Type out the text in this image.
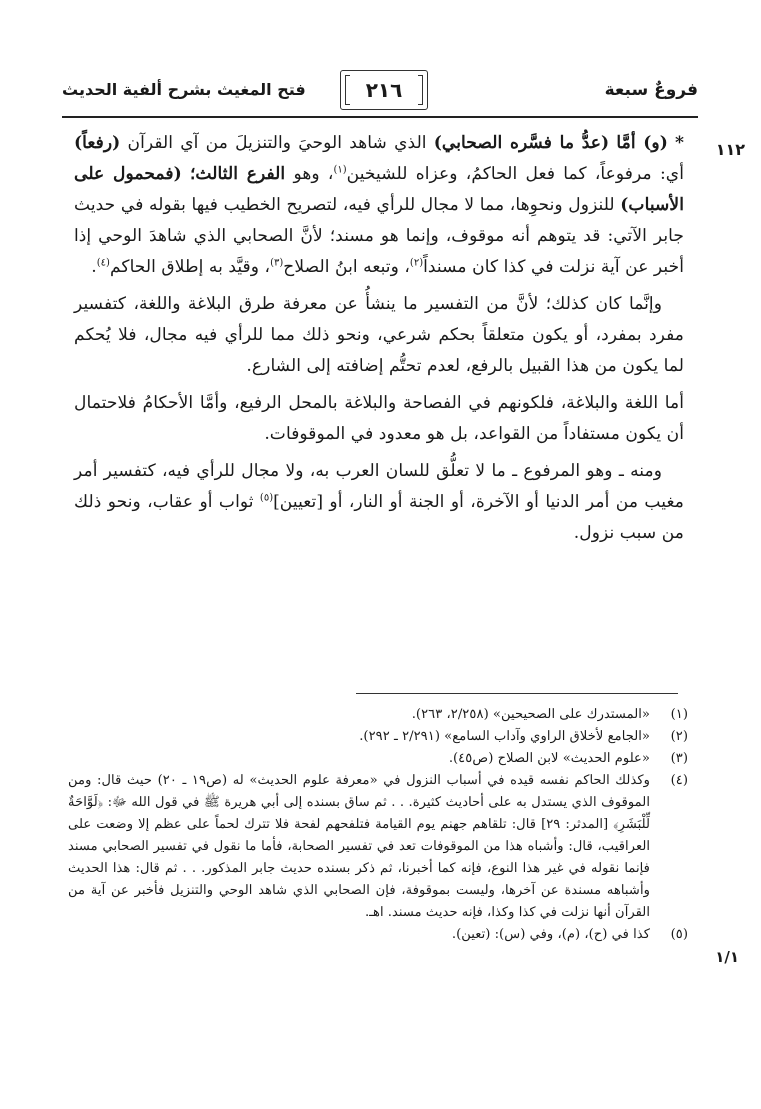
فروعٌ سبعة
٢١٦
فتح المغيث بشرح ألفية الحديث
١١٢
١/١

* (و) أمَّا (عدُّ ما فسَّره الصحابي) الذي شاهد الوحيَ والتنزيلَ من آي القرآن (رفعاً) أي: مرفوعاً، كما فعل الحاكمُ، وعزاه للشيخين$^{(١)}$، وهو الفرع الثالث؛ (فمحمول على الأسباب) للنزول ونحوِها، مما لا مجال للرأي فيه، لتصريح الخطيب فيها بقوله في حديث جابر الآتي: قد يتوهم أنه موقوف، وإنما هو مسند؛ لأنَّ الصحابي الذي شاهدَ الوحي إذا أخبر عن آية نزلت في كذا كان مسنداً$^{(٢)}$، وتبعه ابنُ الصلاح$^{(٣)}$، وقيَّد به إطلاق الحاكم$^{(٤)}$.

وإنَّما كان كذلك؛ لأنَّ من التفسير ما ينشأُ عن معرفة طرق البلاغة واللغة، كتفسير مفرد بمفرد، أو يكون متعلقاً بحكم شرعي، ونحو ذلك مما للرأي فيه مجال، فلا يُحكم لما يكون من هذا القبيل بالرفع، لعدم تحتُّم إضافته إلى الشارع.

أما اللغة والبلاغة، فلكونهم في الفصاحة والبلاغة بالمحل الرفيع، وأمَّا الأحكامُ فلاحتمال أن يكون مستفاداً من القواعد، بل هو معدود في الموقوفات.

ومنه ـ وهو المرفوع ـ ما لا تعلُّق للسان العرب به، ولا مجال للرأي فيه، كتفسير أمر مغيب من أمر الدنيا أو الآخرة، أو الجنة أو النار، أو [تعيين]$^{(٥)}$ ثواب أو عقاب، ونحو ذلك من سبب نزول.

(١)
«المستدرك على الصحيحين» (٢/٢٥٨، ٢٦٣).
(٢)
«الجامع لأخلاق الراوي وآداب السامع» (٢/٢٩١ ـ ٢٩٢).
(٣)
«علوم الحديث» لابن الصلاح (ص٤٥).
(٤)
وكذلك الحاكم نفسه قيده في أسباب النزول في «معرفة علوم الحديث» له (ص١٩ ـ ٢٠) حيث قال: ومن الموقوف الذي يستدل به على أحاديث كثيرة. . . ثم ساق بسنده إلى أبي هريرة ﷺ في قول الله ﷻ: ﴿لَوَّاحَةٌ لِّلْبَشَرِ﴾ [المدثر: ٢٩] قال: تلقاهم جهنم يوم القيامة فتلفحهم لفحة فلا تترك لحماً على عظم إلا وضعت على العراقيب، قال: وأشباه هذا من الموقوفات تعد في تفسير الصحابة، فأما ما نقول في تفسير الصحابي مسند فإنما نقوله في غير هذا النوع، فإنه كما أخبرنا، ثم ذكر بسنده حديث جابر المذكور. . . ثم قال: هذا الحديث وأشباهه مسندة عن آخرها، وليست بموقوفة، فإن الصحابي الذي شاهد الوحي والتنزيل فأخبر عن آية من القرآن أنها نزلت في كذا وكذا، فإنه حديث مسند. اهـ.
(٥)
كذا في (ح)، (م)، وفي (س): (تعين).
